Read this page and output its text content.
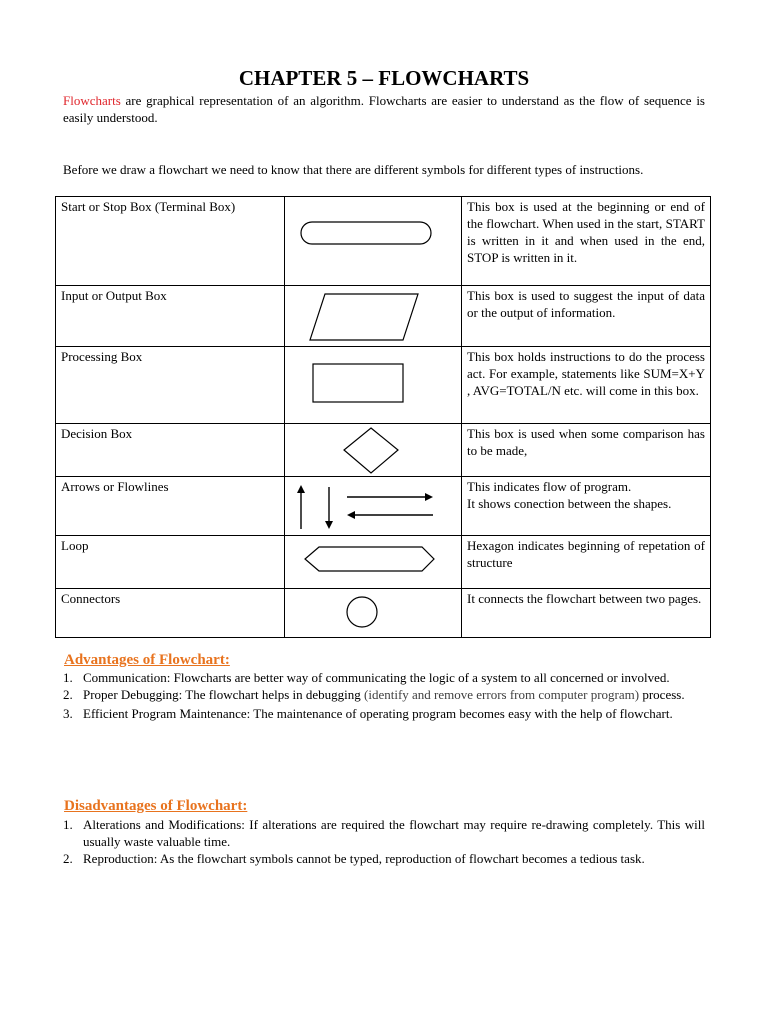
CHAPTER 5 – FLOWCHARTS

Flowcharts are graphical representation of an algorithm. Flowcharts are easier to understand as the flow of sequence is easily understood.

Before we draw a flowchart we need to know that there are different symbols for different types of instructions.

Start or Stop Box (Terminal Box)		This box is used at the beginning or end of the flowchart. When used in the start, START is written in it and when used in the end, STOP is written in it.
Input or Output Box		This box is used to suggest the input of data or the output of information.
Processing Box		This box holds instructions to do the process act. For example, statements like SUM=X+Y , AVG=TOTAL/N etc. will come in this box.
Decision Box		This box is used when some comparison has to be made,
Arrows or Flowlines		This indicates flow of program.
It shows conection between the shapes.

Loop		Hexagon indicates beginning of repetation of structure
Connectors		It connects the flowchart between two pages.
Advantages of Flowchart:
1. Communication: Flowcharts are better way of communicating the logic of a system to all concerned or involved.
2. Proper Debugging: The flowchart helps in debugging (identify and remove errors from computer program) process.
3. Efficient Program Maintenance: The maintenance of operating program becomes easy with the help of flowchart.
Disadvantages of Flowchart:
1. Alterations and Modifications: If alterations are required the flowchart may require re-drawing completely. This will usually waste valuable time.
2. Reproduction: As the flowchart symbols cannot be typed, reproduction of flowchart becomes a tedious task.
